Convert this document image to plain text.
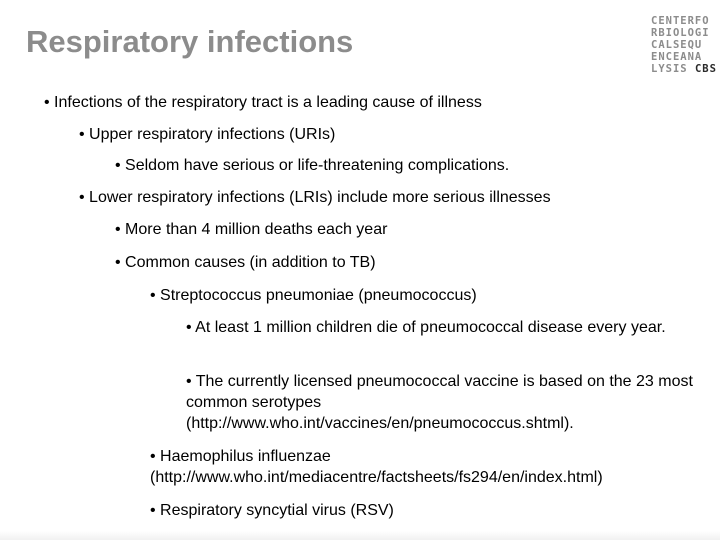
Respiratory infections
CENTERFO
RBIOLOGI
CALSEQU
ENCEANA
LYSIS CBS
• Infections of the respiratory tract is a leading cause of illness
• Upper respiratory infections (URIs)
• Seldom have serious or life-threatening complications.
• Lower respiratory infections (LRIs) include more serious illnesses
• More than 4 million deaths each year
• Common causes (in addition to TB)
• Streptococcus pneumoniae (pneumococcus)
• At least 1 million children die of pneumococcal disease every year.
• The currently licensed pneumococcal vaccine is based on the 23 most common serotypes (http://www.who.int/vaccines/en/pneumococcus.shtml).
• Haemophilus influenzae (http://www.who.int/mediacentre/factsheets/fs294/en/index.html)
• Respiratory syncytial virus (RSV)
